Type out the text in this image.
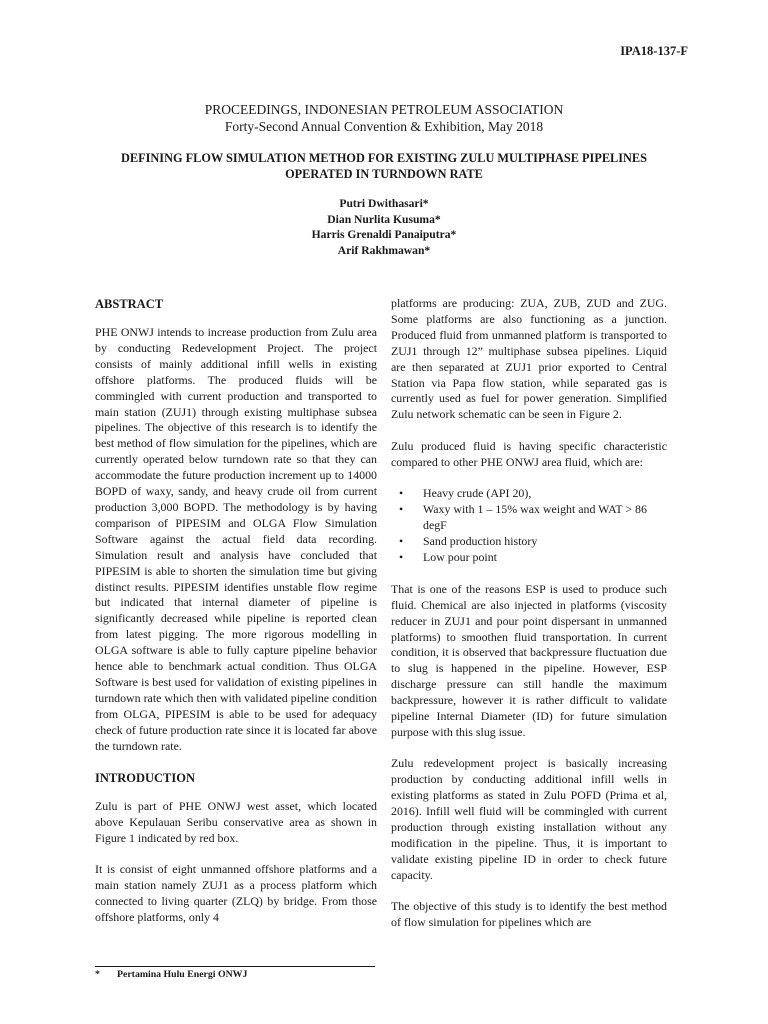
IPA18-137-F

PROCEEDINGS, INDONESIAN PETROLEUM ASSOCIATION

Forty-Second Annual Convention & Exhibition, May 2018

DEFINING FLOW SIMULATION METHOD FOR EXISTING ZULU MULTIPHASE PIPELINES
OPERATED IN TURNDOWN RATE
Putri Dwithasari*
Dian Nurlita Kusuma*
Harris Grenaldi Panaiputra*
Arif Rakhmawan*
ABSTRACT

PHE ONWJ intends to increase production from Zulu area by conducting Redevelopment Project. The project consists of mainly additional infill wells in existing offshore platforms. The produced fluids will be commingled with current production and transported to main station (ZUJ1) through existing multiphase subsea pipelines. The objective of this research is to identify the best method of flow simulation for the pipelines, which are currently operated below turndown rate so that they can accommodate the future production increment up to 14000 BOPD of waxy, sandy, and heavy crude oil from current production 3,000 BOPD. The methodology is by having comparison of PIPESIM and OLGA Flow Simulation Software against the actual field data recording. Simulation result and analysis have concluded that PIPESIM is able to shorten the simulation time but giving distinct results. PIPESIM identifies unstable flow regime but indicated that internal diameter of pipeline is significantly decreased while pipeline is reported clean from latest pigging. The more rigorous modelling in OLGA software is able to fully capture pipeline behavior hence able to benchmark actual condition. Thus OLGA Software is best used for validation of existing pipelines in turndown rate which then with validated pipeline condition from OLGA, PIPESIM is able to be used for adequacy check of future production rate since it is located far above the turndown rate.

INTRODUCTION

Zulu is part of PHE ONWJ west asset, which located above Kepulauan Seribu conservative area as shown in Figure 1 indicated by red box.

It is consist of eight unmanned offshore platforms and a main station namely ZUJ1 as a process platform which connected to living quarter (ZLQ) by bridge. From those offshore platforms, only 4

platforms are producing: ZUA, ZUB, ZUD and ZUG. Some platforms are also functioning as a junction. Produced fluid from unmanned platform is transported to ZUJ1 through 12” multiphase subsea pipelines. Liquid are then separated at ZUJ1 prior exported to Central Station via Papa flow station, while separated gas is currently used as fuel for power generation. Simplified Zulu network schematic can be seen in Figure 2.

Zulu produced fluid is having specific characteristic compared to other PHE ONWJ area fluid, which are:

• Heavy crude (API 20),
• Waxy with 1 – 15% wax weight and WAT > 86 degF
• Sand production history
• Low pour point

That is one of the reasons ESP is used to produce such fluid. Chemical are also injected in platforms (viscosity reducer in ZUJ1 and pour point dispersant in unmanned platforms) to smoothen fluid transportation. In current condition, it is observed that backpressure fluctuation due to slug is happened in the pipeline. However, ESP discharge pressure can still handle the maximum backpressure, however it is rather difficult to validate pipeline Internal Diameter (ID) for future simulation purpose with this slug issue.

Zulu redevelopment project is basically increasing production by conducting additional infill wells in existing platforms as stated in Zulu POFD (Prima et al, 2016). Infill well fluid will be commingled with current production through existing installation without any modification in the pipeline. Thus, it is important to validate existing pipeline ID in order to check future capacity.

The objective of this study is to identify the best method of flow simulation for pipelines which are

* Pertamina Hulu Energi ONWJ
